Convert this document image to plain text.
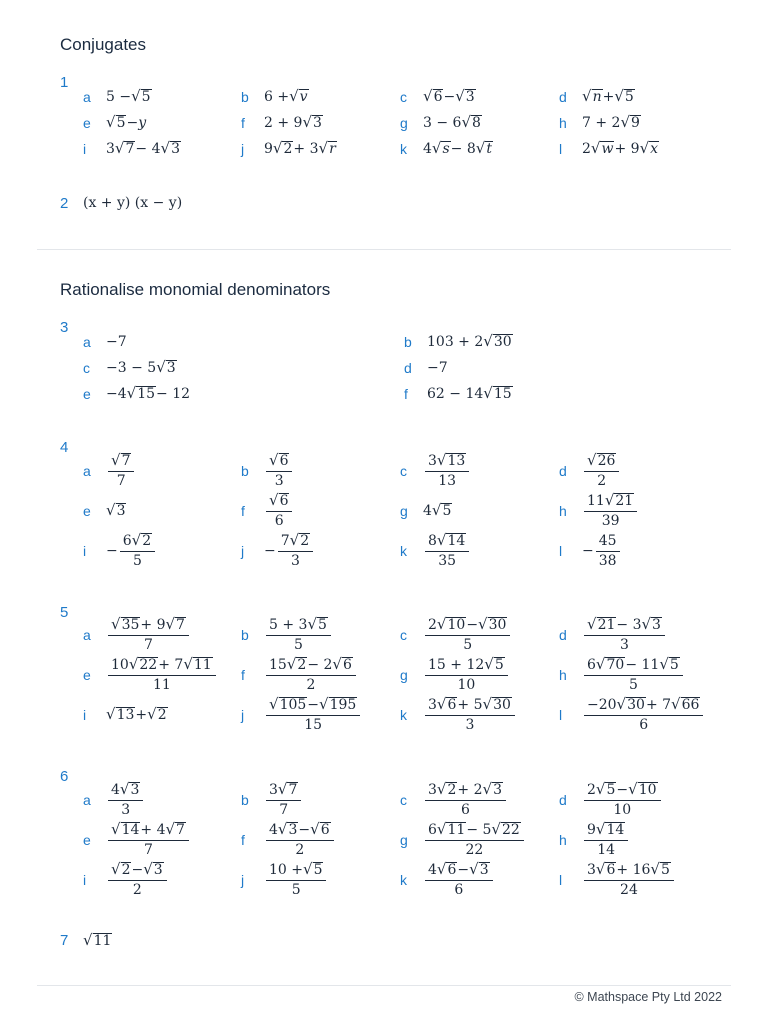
Conjugates
Rationalise monomial denominators
1
2
3
4
5
6
7
(x + y) (x − y)
√ 11
a	5 − √ 5	b	6 + √ v	c	√ 6 − √ 3	d	√ n + √ 5
e	√ 5 − y	f	2 + 9 √ 3	g	3 − 6 √ 8	h	7 + 2 √ 9
i	3 √ 7 − 4 √ 3	j	9 √ 2 + 3 √ r	k	4 √ s − 8 √ t	l	2 √ w + 9 √ x
a	−7	b	103 + 2 √ 30
c	−3 − 5 √ 3	d	−7
e	−4 √ 15 − 12	f	62 − 14 √ 15
a	$\frac{√ 7}{7}$	b	$\frac{√ 6}{3}$	c	$\frac{3 √ 13}{13}$	d	$\frac{√ 26}{2}$
e	√ 3	f	$\frac{√ 6}{6}$	g	4 √ 5	h	$\frac{11 √ 21}{39}$
i	− $\frac{6 √ 2}{5}$	j	− $\frac{7 √ 2}{3}$	k	$\frac{8 √ 14}{35}$	l	− $\frac{45}{38}$
a	$\frac{√ 35 + 9 √ 7}{7}$	b	$\frac{5 + 3 √ 5}{5}$	c	$\frac{2 √ 10 - √ 30}{5}$	d	$\frac{√ 21 - 3 √ 3}{3}$
e	$\frac{10 √ 22 + 7 √ 11}{11}$ f	$\frac{15 √ 2 - 2 √ 6}{2}$	g	$\frac{15 + 12 √ 5}{10}$	h	$\frac{6 √ 70 - 11 √ 5}{5}$
i	√ 13 + √ 2	j	$\frac{√ 105 - √ 195}{15}$	k	$\frac{3 √ 6 + 5 √ 30}{3}$	l	$\frac{-20 √ 30 + 7 √ 66}{6}$
a	$\frac{4 √ 3}{3}$	b	$\frac{3 √ 7}{7}$	c	$\frac{3 √ 2 + 2 √ 3}{6}$	d	$\frac{2 √ 5 - √ 10}{10}$
e	$\frac{√ 14 + 4 √ 7}{7}$	f	$\frac{4 √ 3 - √ 6}{2}$	g	$\frac{6 √ 11 - 5 √ 22}{22}$	h	$\frac{9 √ 14}{14}$
i	$\frac{√ 2 - √ 3}{2}$	j	$\frac{10 + √ 5}{5}$	k	$\frac{4 √ 6 - √ 3}{6}$	l	$\frac{3 √ 6 + 16 √ 5}{24}$
© Mathspace Pty Ltd 2022
